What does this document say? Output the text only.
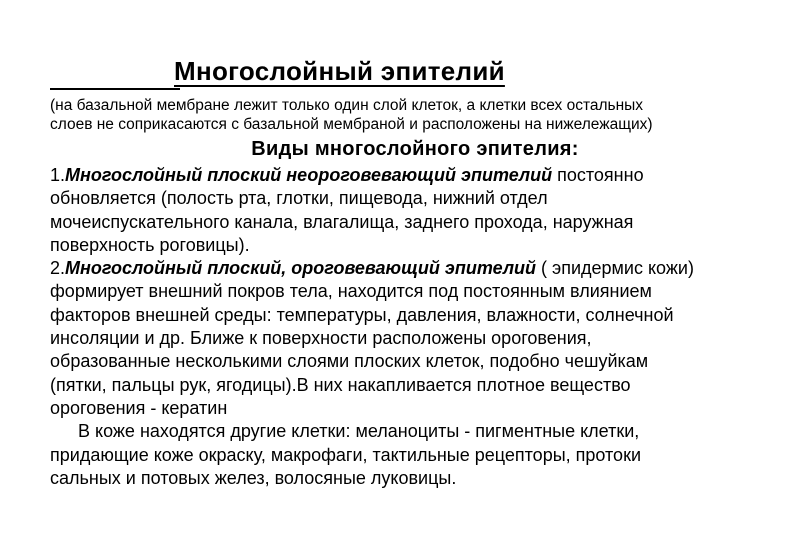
Многослойный эпителий

(на базальной мембране лежит только один слой клеток, а клетки всех остальных

слоев не соприкасаются с базальной мембраной и расположены на нижележащих)

Виды многослойного эпителия:

1.Многослойный плоский неороговевающий эпителий постоянно

обновляется (полость рта, глотки, пищевода, нижний отдел

мочеиспускательного канала, влагалища, заднего прохода, наружная

поверхность роговицы).

2.Многослойный плоский, ороговевающий эпителий ( эпидермис кожи)

формирует внешний покров тела, находится под постоянным влиянием

факторов внешней среды: температуры, давления, влажности, солнечной

инсоляции и др. Ближе к поверхности расположены ороговения,

образованные несколькими слоями плоских клеток, подобно чешуйкам

(пятки, пальцы рук, ягодицы).В них накапливается плотное вещество

ороговения - кератин

В коже находятся другие клетки: меланоциты - пигментные клетки,

придающие коже окраску, макрофаги, тактильные рецепторы, протоки

сальных и потовых желез, волосяные луковицы.
